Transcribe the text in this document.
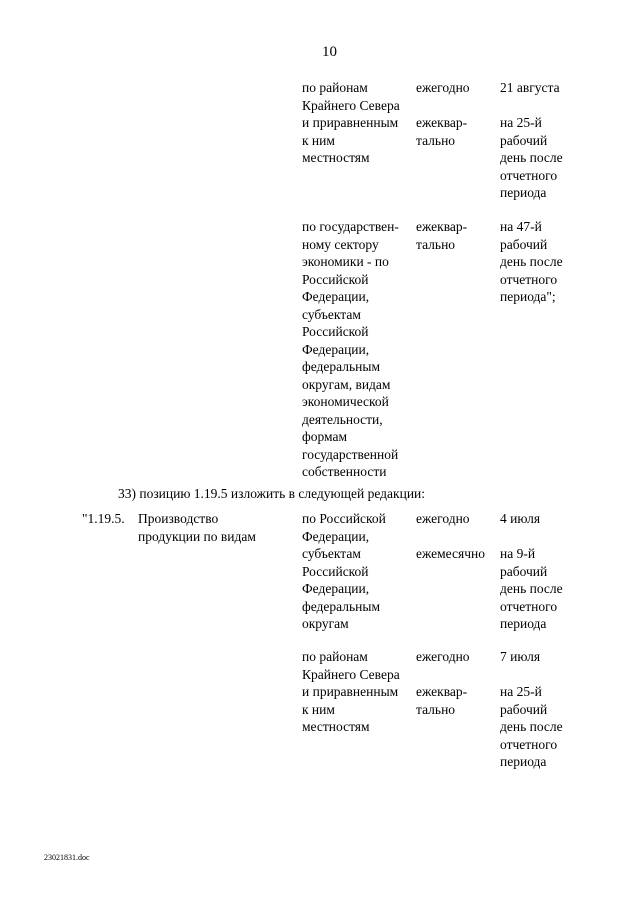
10
по районам
Крайнего Севера
и приравненным
к ним
местностям
ежегодно

ежеквар-
тально
21 августа

на 25-й
рабочий
день после
отчетного
периода
по государствен-
ному сектору
экономики - по
Российской
Федерации,
субъектам
Российской
Федерации,
федеральным
округам, видам
экономической
деятельности,
формам
государственной
собственности
ежеквар-
тально
на 47-й
рабочий
день после
отчетного
периода";
33) позицию 1.19.5 изложить в следующей редакции:
"1.19.5. Производство
продукции по видам
по Российской
Федерации,
субъектам
Российской
Федерации,
федеральным
округам
ежегодно

ежемесячно
4 июля

на 9-й
рабочий
день после
отчетного
периода
по районам
Крайнего Севера
и приравненным
к ним
местностям
ежегодно

ежеквар-
тально
7 июля

на 25-й
рабочий
день после
отчетного
периода
23021831.doc
